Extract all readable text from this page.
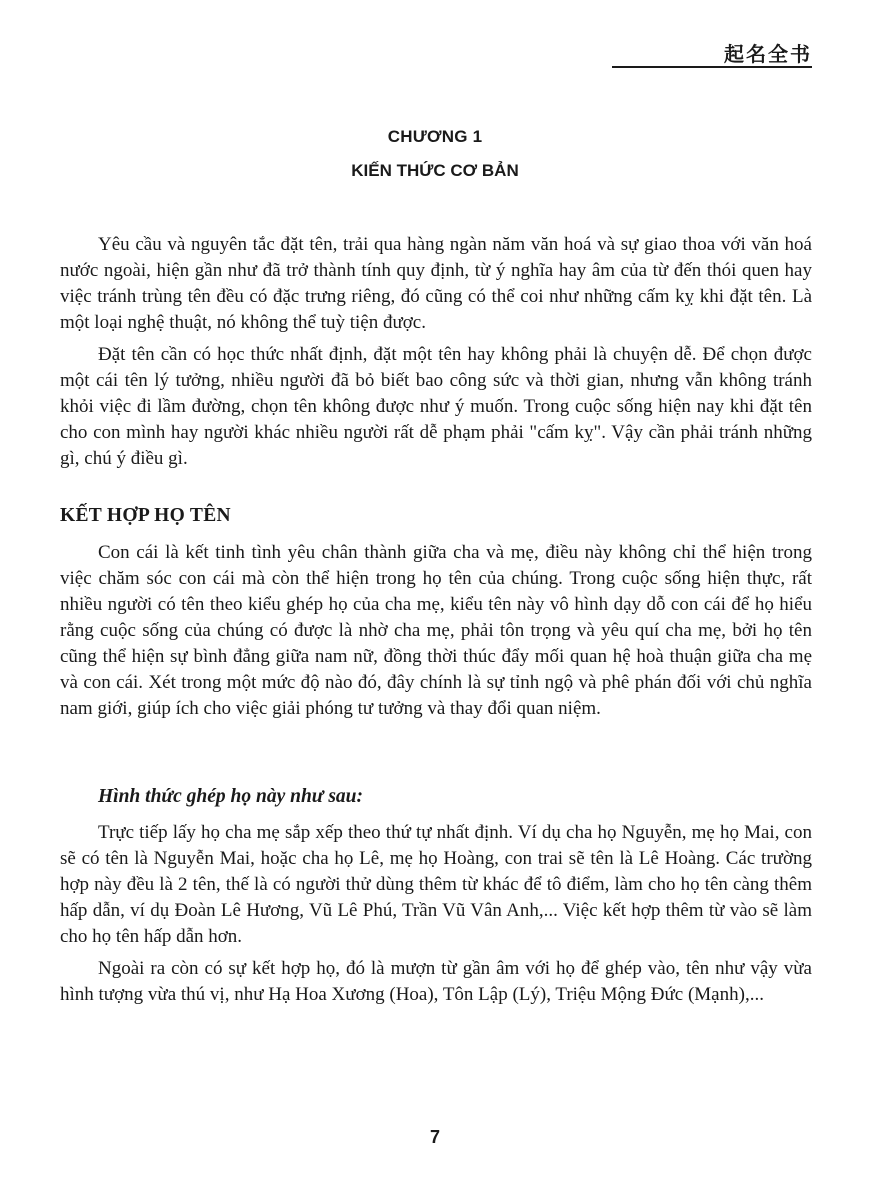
起名全书
CHƯƠNG 1
KIẾN THỨC CƠ BẢN

Yêu cầu và nguyên tắc đặt tên, trải qua hàng ngàn năm văn hoá và sự giao thoa với văn hoá nước ngoài, hiện gần như đã trở thành tính quy định, từ ý nghĩa hay âm của từ đến thói quen hay việc tránh trùng tên đều có đặc trưng riêng, đó cũng có thể coi như những cấm kỵ khi đặt tên. Là một loại nghệ thuật, nó không thể tuỳ tiện được.

Đặt tên cần có học thức nhất định, đặt một tên hay không phải là chuyện dễ. Để chọn được một cái tên lý tưởng, nhiều người đã bỏ biết bao công sức và thời gian, nhưng vẫn không tránh khỏi việc đi lầm đường, chọn tên không được như ý muốn. Trong cuộc sống hiện nay khi đặt tên cho con mình hay người khác nhiều người rất dễ phạm phải "cấm kỵ". Vậy cần phải tránh những gì, chú ý điều gì.

KẾT HỢP HỌ TÊN

Con cái là kết tinh tình yêu chân thành giữa cha và mẹ, điều này không chỉ thể hiện trong việc chăm sóc con cái mà còn thể hiện trong họ tên của chúng. Trong cuộc sống hiện thực, rất nhiều người có tên theo kiểu ghép họ của cha mẹ, kiểu tên này vô hình dạy dỗ con cái để họ hiểu rằng cuộc sống của chúng có được là nhờ cha mẹ, phải tôn trọng và yêu quí cha mẹ, bởi họ tên cũng thể hiện sự bình đẳng giữa nam nữ, đồng thời thúc đẩy mối quan hệ hoà thuận giữa cha mẹ và con cái. Xét trong một mức độ nào đó, đây chính là sự tỉnh ngộ và phê phán đối với chủ nghĩa nam giới, giúp ích cho việc giải phóng tư tưởng và thay đổi quan niệm.

Hình thức ghép họ này như sau:

Trực tiếp lấy họ cha mẹ sắp xếp theo thứ tự nhất định. Ví dụ cha họ Nguyễn, mẹ họ Mai, con sẽ có tên là Nguyễn Mai, hoặc cha họ Lê, mẹ họ Hoàng, con trai sẽ tên là Lê Hoàng. Các trường hợp này đều là 2 tên, thế là có người thử dùng thêm từ khác để tô điểm, làm cho họ tên càng thêm hấp dẫn, ví dụ Đoàn Lê Hương, Vũ Lê Phú, Trần Vũ Vân Anh,... Việc kết hợp thêm từ vào sẽ làm cho họ tên hấp dẫn hơn.

Ngoài ra còn có sự kết hợp họ, đó là mượn từ gần âm với họ để ghép vào, tên như vậy vừa hình tượng vừa thú vị, như Hạ Hoa Xương (Hoa), Tôn Lập (Lý), Triệu Mộng Đức (Mạnh),...

7
